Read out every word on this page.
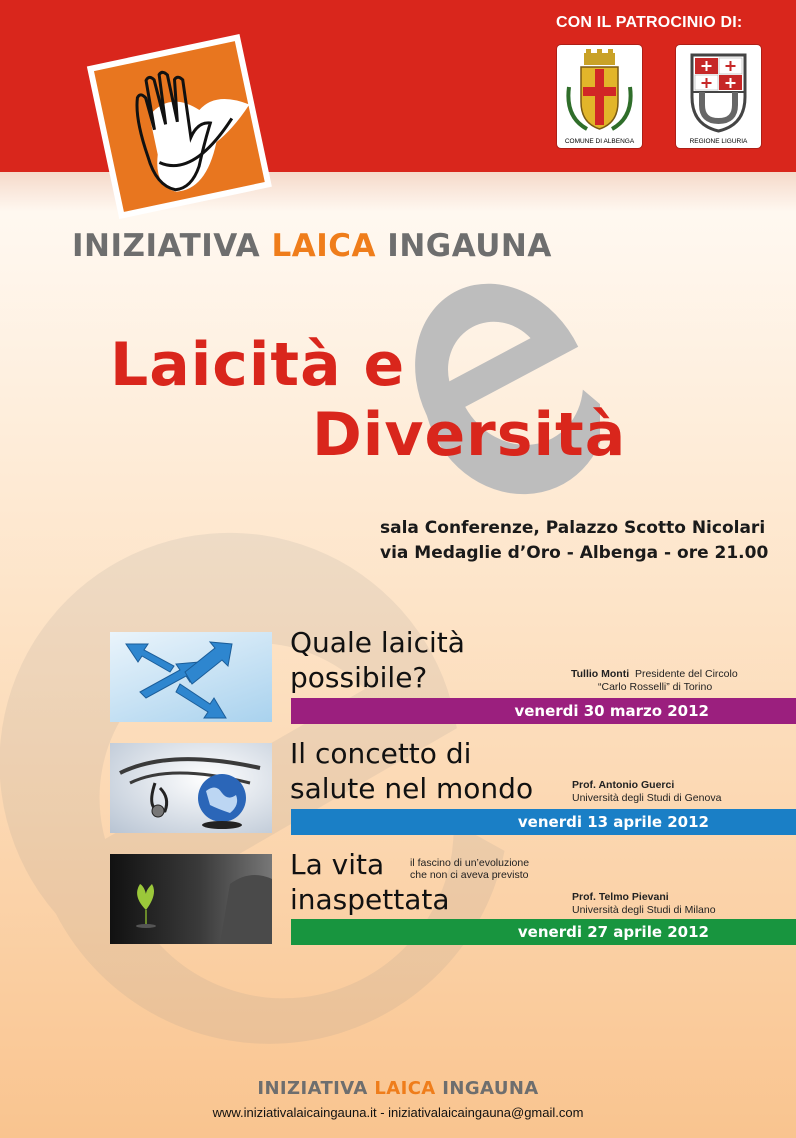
CON IL PATROCINIO DI:
COMUNE DI ALBENGA	REGIONE LIGURIA
INIZIATIVA LAICA INGAUNA
Laicità e
Diversità
sala Conferenze, Palazzo Scotto Nicolari
via Medaglie d’Oro - Albenga - ore 21.00
Quale laicità
possibile?	Tullio Monti Presidente del Circolo
“Carlo Rosselli” di Torino
venerdi 30 marzo 2012
Il concetto di
salute nel mondo	Prof. Antonio Guerci
Università degli Studi di Genova
venerdi 13 aprile 2012
La vita
inaspettata
il fascino di un’evoluzione
che non ci aveva previsto
Prof. Telmo Pievani
Università degli Studi di Milano
venerdi 27 aprile 2012
INIZIATIVA LAICA INGAUNA
www.iniziativalaicaingauna.it - iniziativalaicaingauna@gmail.com
